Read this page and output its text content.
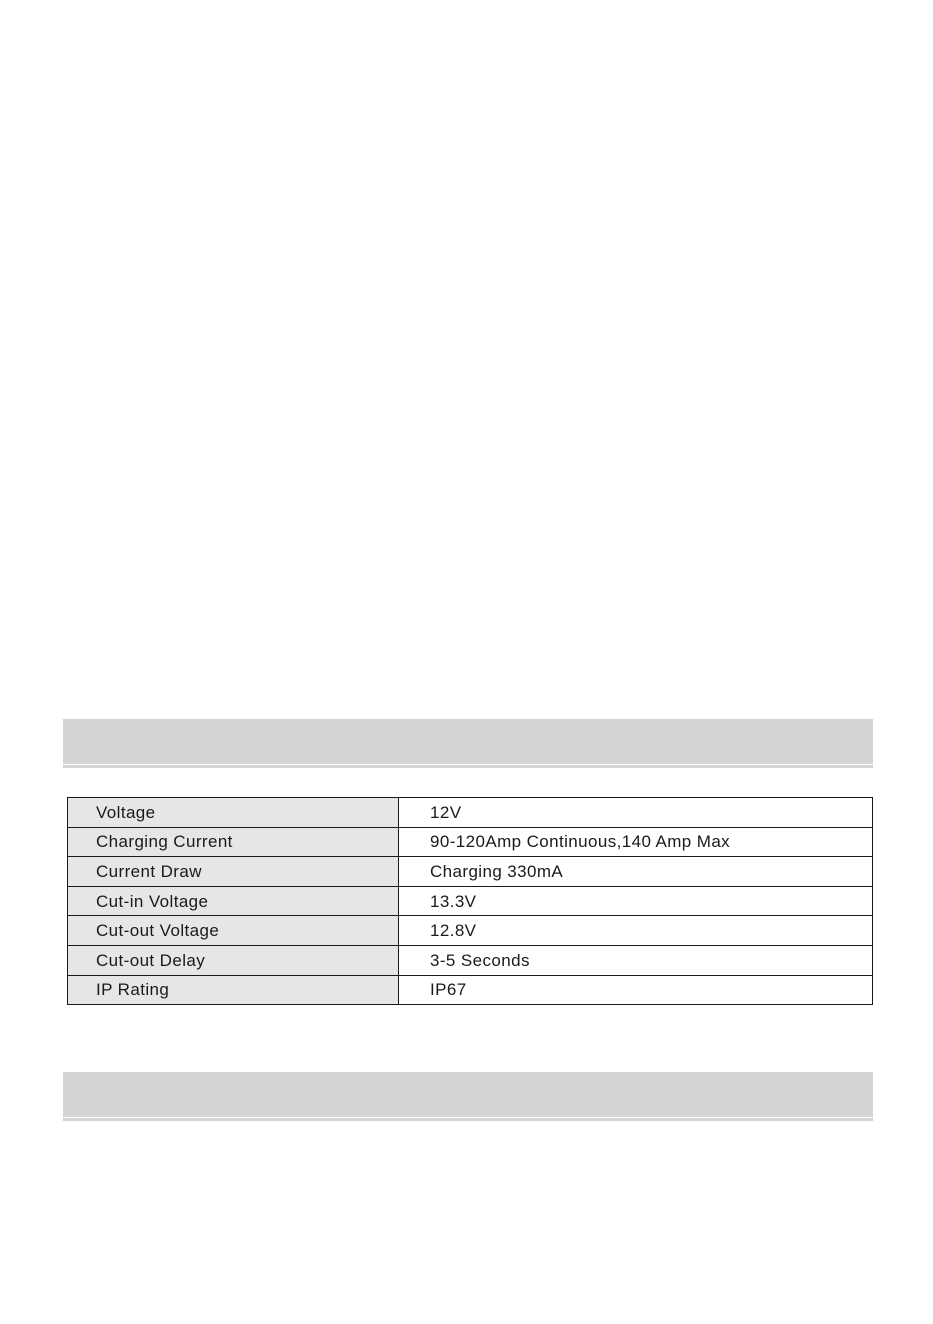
Voltage	12V
Charging Current	90-120Amp Continuous,140 Amp Max
Current Draw	Charging 330mA
Cut-in Voltage	13.3V
Cut-out Voltage	12.8V
Cut-out Delay	3-5 Seconds
IP Rating	IP67
